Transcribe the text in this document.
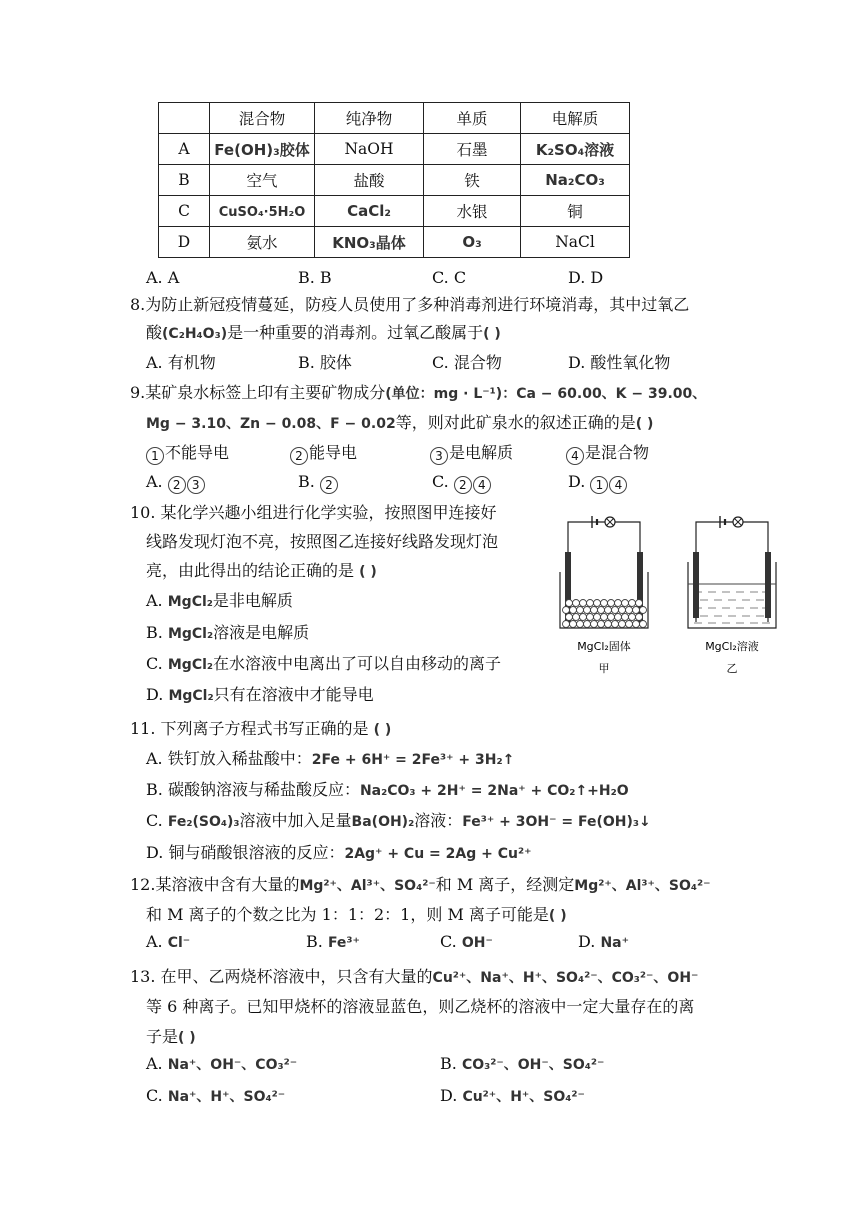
	混合物	纯净物	单质	电解质
A	Fe(OH)₃胶体	NaOH	石墨	K₂SO₄溶液
B	空气	盐酸	铁	Na₂CO₃
C	CuSO₄·5H₂O	CaCl₂	水银	铜
D	氨水	KNO₃晶体	O₃	NaCl
A. A	B. B	C. C	D. D
8.为防止新冠疫情蔓延，防疫人员使用了多种消毒剂进行环境消毒，其中过氧乙
酸(C₂H₄O₃)是一种重要的消毒剂。过氧乙酸属于( )
A. 有机物	B. 胶体	C. 混合物	D. 酸性氧化物
9.某矿泉水标签上印有主要矿物成分(单位：mg · L⁻¹)：Ca − 60.00、K − 39.00、
Mg − 3.10、Zn − 0.08、F − 0.02等，则对此矿泉水的叙述正确的是( )
1 不能导电	2 能导电	3 是电解质	4 是混合物
A. 2 3	B. 2	C. 2 4	D. 1 4
10. 某化学兴趣小组进行化学实验，按照图甲连接好
线路发现灯泡不亮，按照图乙连接好线路发现灯泡
亮，由此得出的结论正确的是 ( )
A. MgCl₂是非电解质
B. MgCl₂溶液是电解质
C. MgCl₂在水溶液中电离出了可以自由移动的离子
D. MgCl₂只有在溶液中才能导电
MgCl₂固体
甲
MgCl₂溶液
乙
11. 下列离子方程式书写正确的是 ( )
A. 铁钉放入稀盐酸中：2Fe + 6H⁺ = 2Fe³⁺ + 3H₂↑
B. 碳酸钠溶液与稀盐酸反应：Na₂CO₃ + 2H⁺ = 2Na⁺ + CO₂↑+H₂O
C. Fe₂(SO₄)₃溶液中加入足量Ba(OH)₂溶液：Fe³⁺ + 3OH⁻ = Fe(OH)₃↓
D. 铜与硝酸银溶液的反应：2Ag⁺ + Cu = 2Ag + Cu²⁺
12.某溶液中含有大量的Mg²⁺、Al³⁺、SO₄²⁻和 M 离子，经测定Mg²⁺、Al³⁺、SO₄²⁻
和 M 离子的个数之比为 1：1：2：1，则 M 离子可能是( )
A. Cl⁻	B. Fe³⁺	C. OH⁻	D. Na⁺
13. 在甲、乙两烧杯溶液中，只含有大量的Cu²⁺、Na⁺、H⁺、SO₄²⁻、CO₃²⁻、OH⁻
等 6 种离子。已知甲烧杯的溶液显蓝色，则乙烧杯的溶液中一定大量存在的离
子是( )
A. Na⁺、OH⁻、CO₃²⁻	B. CO₃²⁻、OH⁻、SO₄²⁻
C. Na⁺、H⁺、SO₄²⁻	D. Cu²⁺、H⁺、SO₄²⁻
